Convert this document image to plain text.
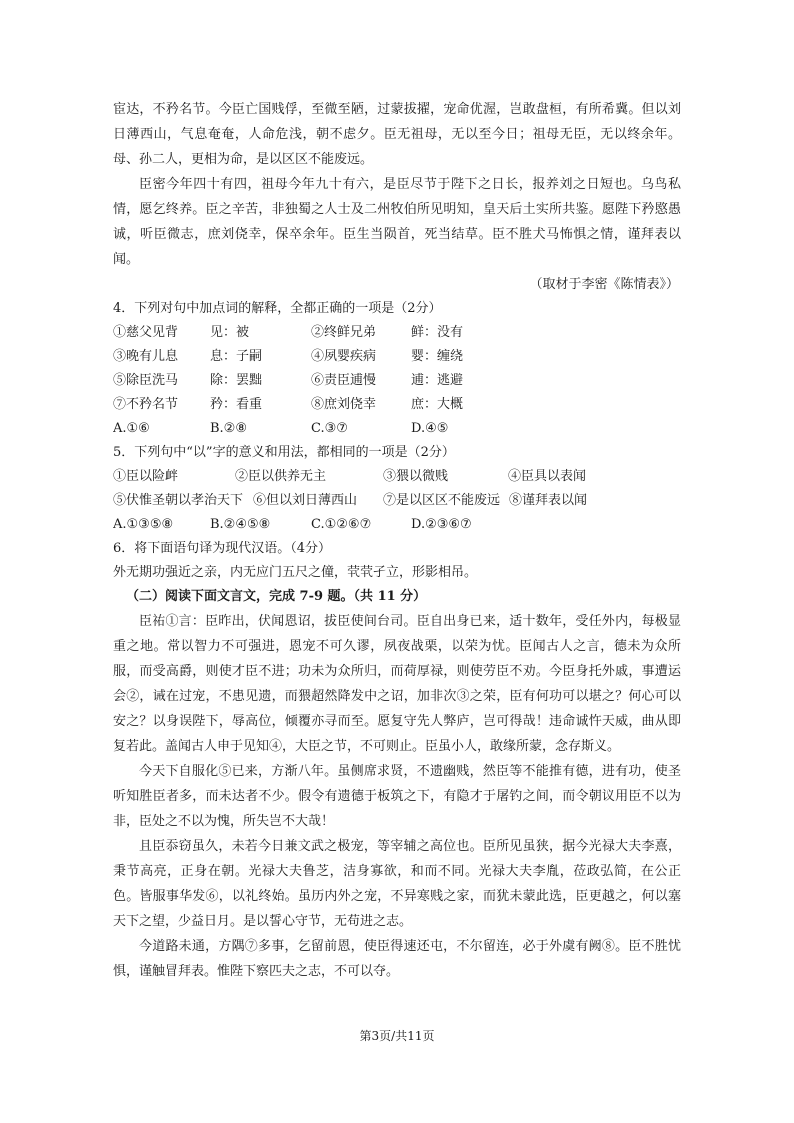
宦达，不矜名节。今臣亡国贱俘，至微至陋，过蒙拔擢，宠命优渥，岂敢盘桓，有所希冀。但以刘日薄西山，气息奄奄，人命危浅，朝不虑夕。臣无祖母，无以至今日；祖母无臣，无以终余年。母、孙二人，更相为命，是以区区不能废远。

臣密今年四十有四，祖母今年九十有六，是臣尽节于陛下之日长，报养刘之日短也。乌鸟私情，愿乞终养。臣之辛苦，非独蜀之人士及二州牧伯所见明知，皇天后土实所共鉴。愿陛下矜愍愚诚，听臣微志，庶刘侥幸，保卒余年。臣生当陨首，死当结草。臣不胜犬马怖惧之情，谨拜表以闻。

（取材于李密《陈情表》）

4．下列对句中加点词的解释，全都正确的一项是（2分）

①慈父见背	见：被	②终鲜兄弟	鲜：没有
③晚有儿息	息：子嗣	④夙婴疾病	婴：缠绕
⑤除臣洗马	除：罢黜	⑥责臣逋慢	逋：逃避
⑦不矜名节	矜：看重	⑧庶刘侥幸	庶：大概
A.①⑥	B.②⑧	C.③⑦	D.④⑤

5．下列句中“以”字的意义和用法，都相同的一项是（2分）

①臣以险衅	②臣以供养无主	③猥以微贱	④臣具以表闻
⑤伏惟圣朝以孝治天下 ⑥但以刘日薄西山	⑦是以区区不能废远 ⑧谨拜表以闻
A.①③⑤⑧	B.②④⑤⑧	C.①②⑥⑦	D.②③⑥⑦

6．将下面语句译为现代汉语。（4分）

外无期功强近之亲，内无应门五尺之僮，茕茕孑立，形影相吊。

（二）阅读下面文言文，完成 7-9 题。（共 11 分）

臣祐①言：臣昨出，伏闻恩诏，拔臣使间台司。臣自出身已来，适十数年，受任外内，每极显重之地。常以智力不可强进，恩宠不可久谬，夙夜战栗，以荣为忧。臣闻古人之言，德未为众所服，而受高爵，则使才臣不进；功未为众所归，而荷厚禄，则使劳臣不劝。今臣身托外戚，事遭运会②，诫在过宠，不患见遗，而猥超然降发中之诏，加非次③之荣，臣有何功可以堪之？何心可以安之？以身误陛下，辱高位，倾覆亦寻而至。愿复守先人弊庐，岂可得哉！违命诚忤天威，曲从即复若此。盖闻古人申于见知④，大臣之节，不可则止。臣虽小人，敢缘所蒙，念存斯义。

今天下自服化⑤已来，方渐八年。虽侧席求贤，不遗幽贱，然臣等不能推有德，进有功，使圣听知胜臣者多，而未达者不少。假令有遗德于板筑之下，有隐才于屠钓之间，而令朝议用臣不以为非，臣处之不以为愧，所失岂不大哉！

且臣忝窃虽久，未若今日兼文武之极宠，等宰辅之高位也。臣所见虽狭，据今光禄大夫李熹，秉节高亮，正身在朝。光禄大夫鲁芝，洁身寡欲，和而不同。光禄大夫李胤，莅政弘简，在公正色。皆服事华发⑥，以礼终始。虽历内外之宠，不异寒贱之家，而犹未蒙此选，臣更越之，何以塞天下之望，少益日月。是以誓心守节，无苟进之志。

今道路未通，方隅⑦多事，乞留前恩，使臣得速还屯，不尔留连，必于外虞有阙⑧。臣不胜忧惧，谨触冒拜表。惟陛下察匹夫之志，不可以夺。

第3页/共11页
